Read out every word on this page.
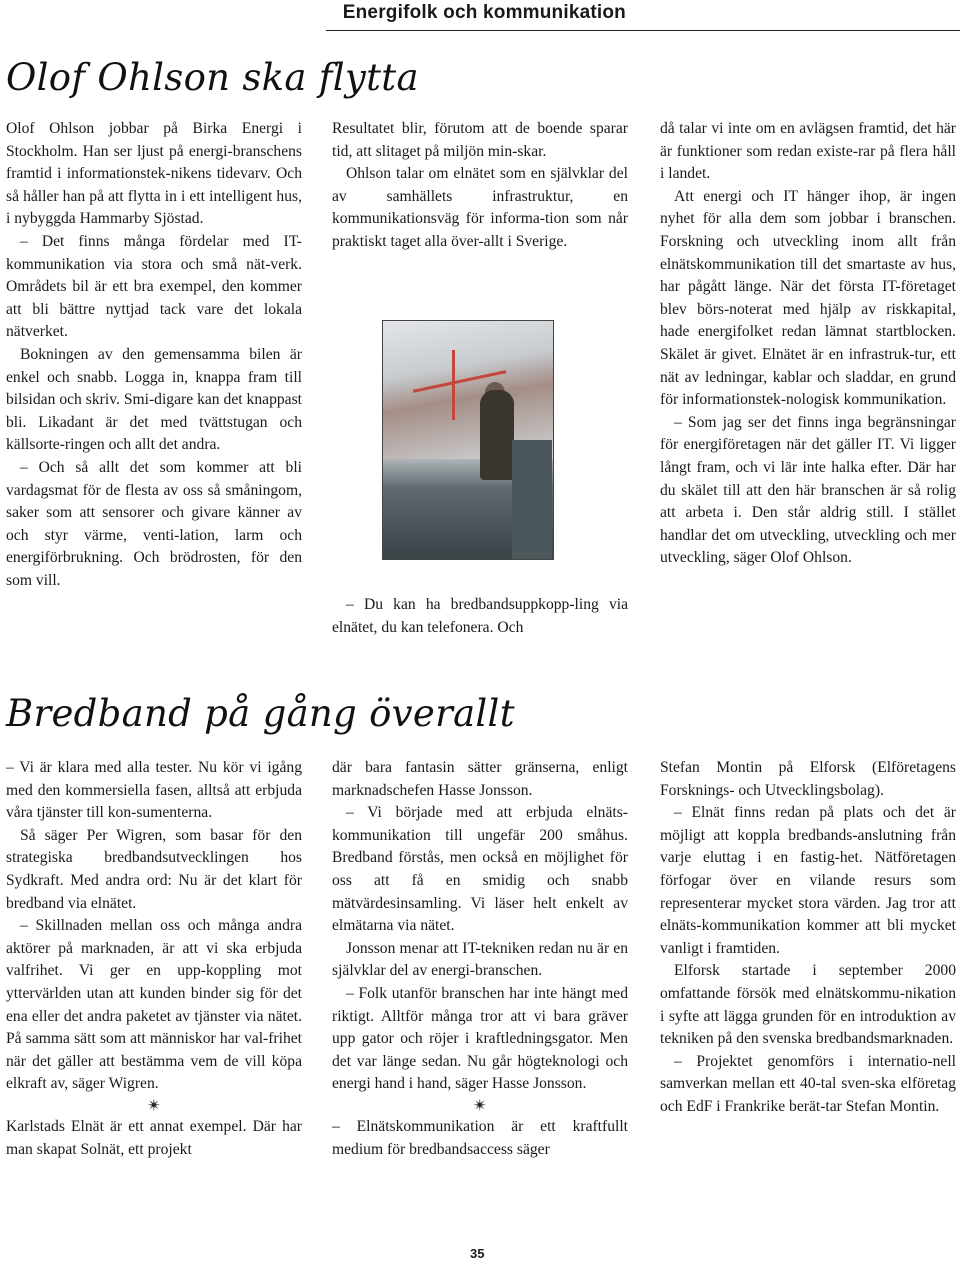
Energifolk och kommunikation
Olof Ohlson ska flytta

Olof Ohlson jobbar på Birka Energi i Stockholm. Han ser ljust på energi-branschens framtid i informationstek-nikens tidevarv. Och så håller han på att flytta in i ett intelligent hus, i nybyggda Hammarby Sjöstad.

– Det finns många fördelar med IT-kommunikation via stora och små nät-verk. Områdets bil är ett bra exempel, den kommer att bli bättre nyttjad tack vare det lokala nätverket.

Bokningen av den gemensamma bilen är enkel och snabb. Logga in, knappa fram till bilsidan och skriv. Smi-digare kan det knappast bli. Likadant är det med tvättstugan och källsorte-ringen och allt det andra.

– Och så allt det som kommer att bli vardagsmat för de flesta av oss så småningom, saker som att sensorer och givare känner av och styr värme, venti-lation, larm och energiförbrukning. Och brödrosten, för den som vill.

Resultatet blir, förutom att de boende sparar tid, att slitaget på miljön min-skar.

Ohlson talar om elnätet som en självklar del av samhällets infrastruktur, en kommunikationsväg för informa-tion som når praktiskt taget alla över-allt i Sverige.

– Du kan ha bredbandsuppkopp-ling via elnätet, du kan telefonera. Och

då talar vi inte om en avlägsen framtid, det här är funktioner som redan existe-rar på flera håll i landet.

Att energi och IT hänger ihop, är ingen nyhet för alla dem som jobbar i branschen. Forskning och utveckling inom allt från elnätskommunikation till det smartaste av hus, har pågått länge. När det första IT-företaget blev börs-noterat med hjälp av riskkapital, hade energifolket redan lämnat startblocken. Skälet är givet. Elnätet är en infrastruk-tur, ett nät av ledningar, kablar och sladdar, en grund för informationstek-nologisk kommunikation.

– Som jag ser det finns inga begränsningar för energiföretagen när det gäller IT. Vi ligger långt fram, och vi lär inte halka efter. Där har du skälet till att den här branschen är så rolig att arbeta i. Den står aldrig still. I stället handlar det om utveckling, utveckling och mer utveckling, säger Olof Ohlson.

Bredband på gång överallt

– Vi är klara med alla tester. Nu kör vi igång med den kommersiella fasen, alltså att erbjuda våra tjänster till kon-sumenterna.

Så säger Per Wigren, som basar för den strategiska bredbandsutvecklingen hos Sydkraft. Med andra ord: Nu är det klart för bredband via elnätet.

– Skillnaden mellan oss och många andra aktörer på marknaden, är att vi ska erbjuda valfrihet. Vi ger en upp-koppling mot yttervärlden utan att kunden binder sig för det ena eller det andra paketet av tjänster via nätet. På samma sätt som att människor har val-frihet när det gäller att bestämma vem de vill köpa elkraft av, säger Wigren.

✴

Karlstads Elnät är ett annat exempel. Där har man skapat Solnät, ett projekt

där bara fantasin sätter gränserna, enligt marknadschefen Hasse Jonsson.

– Vi började med att erbjuda elnäts-kommunikation till ungefär 200 småhus. Bredband förstås, men också en möjlighet för oss att få en smidig och snabb mätvärdesinsamling. Vi läser helt enkelt av elmätarna via nätet.

Jonsson menar att IT-tekniken redan nu är en självklar del av energi-branschen.

– Folk utanför branschen har inte hängt med riktigt. Alltför många tror att vi bara gräver upp gator och röjer i kraftledningsgator. Men det var länge sedan. Nu går högteknologi och energi hand i hand, säger Hasse Jonsson.

✴

– Elnätskommunikation är ett kraftfullt medium för bredbandsaccess säger

Stefan Montin på Elforsk (Elföretagens Forsknings- och Utvecklingsbolag).

– Elnät finns redan på plats och det är möjligt att koppla bredbands-anslutning från varje eluttag i en fastig-het. Nätföretagen förfogar över en vilande resurs som representerar mycket stora värden. Jag tror att elnäts-kommunikation kommer att bli mycket vanligt i framtiden.

Elforsk startade i september 2000 omfattande försök med elnätskommu-nikation i syfte att lägga grunden för en introduktion av tekniken på den svenska bredbandsmarknaden.

– Projektet genomförs i internatio-nell samverkan mellan ett 40-tal sven-ska elföretag och EdF i Frankrike berät-tar Stefan Montin.

35
